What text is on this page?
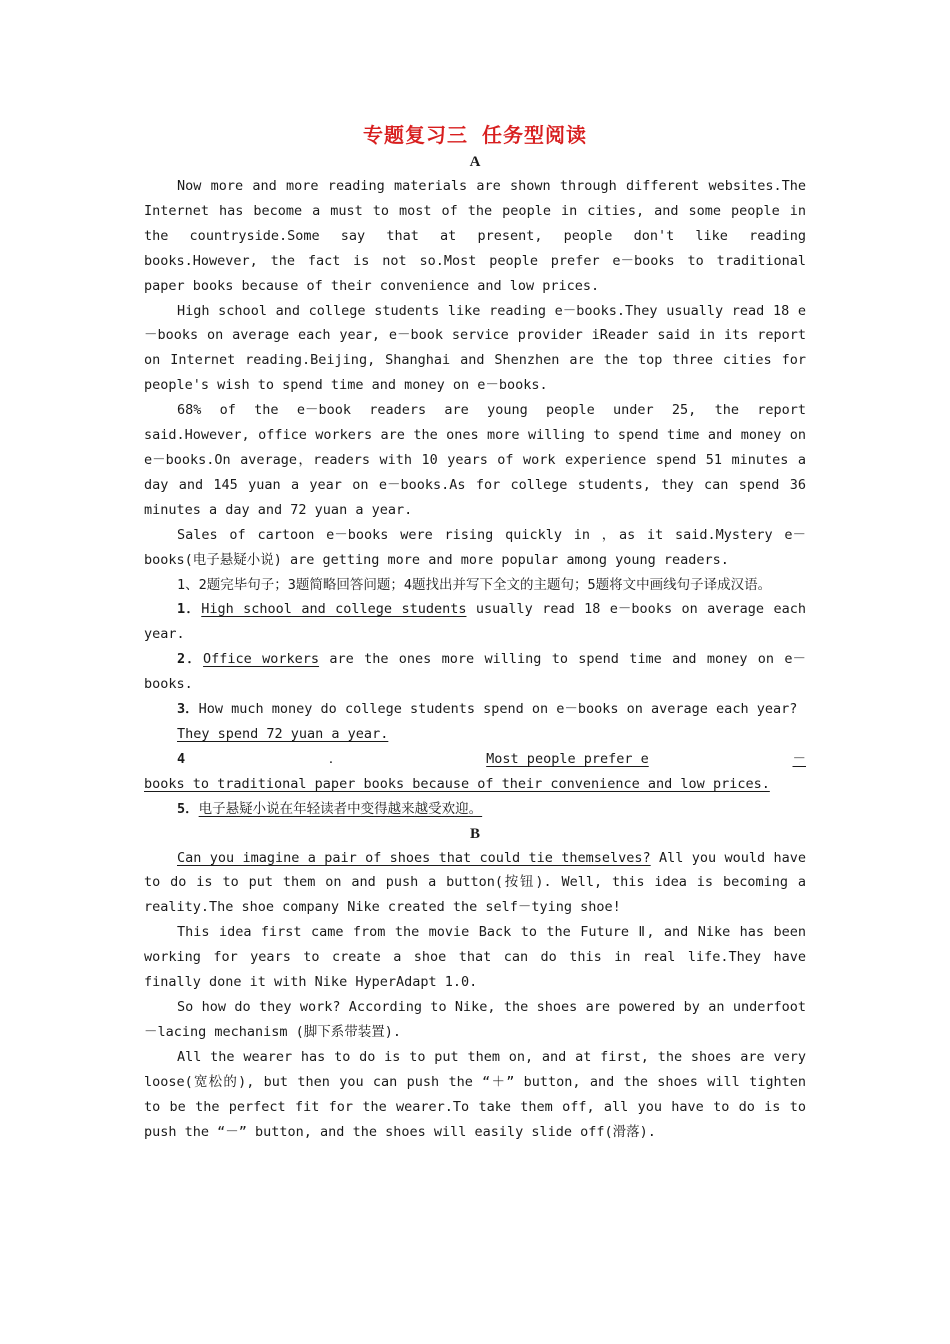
专题复习三 任务型阅读
A

Now more and more reading materials are shown through different websites.The Internet has become a must to most of the people in cities, and some people in the countryside.Some say that at present, people don't like reading books.However, the fact is not so.Most people prefer e－books to traditional paper books because of their convenience and low prices.

High school and college students like reading e－books.They usually read 18 e－books on average each year, e－book service provider iReader said in its report on Internet reading.Beijing, Shanghai and Shenzhen are the top three cities for people's wish to spend time and money on e－books.

68% of the e－book readers are young people under 25, the report said.However, office workers are the ones more willing to spend time and money on e－books.On average，readers with 10 years of work experience spend 51 minutes a day and 145 yuan a year on e－books.As for college students, they can spend 36 minutes a day and 72 yuan a year.

Sales of cartoon e－books were rising quickly in ，as it said.Mystery e－books(电子悬疑小说) are getting more and more popular among young readers.

1、2题完毕句子；3题简略回答问题；4题找出并写下全文的主题句；5题将文中画线句子译成汉语。

1．High school and college students usually read 18 e－books on average each year.

2．Office workers are the ones more willing to spend time and money on e－books.

3．How much money do college students spend on e－books on average each year?

They spend 72 yuan a year.

4	．	Most people prefer e	－

books to traditional paper books because of their convenience and low prices.

5．电子悬疑小说在年轻读者中变得越来越受欢迎。

B

Can you imagine a pair of shoes that could tie themselves? All you would have to do is to put them on and push a button(按钮). Well, this idea is becoming a reality.The shoe company Nike created the self－tying shoe!

This idea first came from the movie Back to the Future Ⅱ, and Nike has been working for years to create a shoe that can do this in real life.They have finally done it with Nike HyperAdapt 1.0.

So how do they work? According to Nike, the shoes are powered by an underfoot－lacing mechanism (脚下系带装置).

All the wearer has to do is to put them on, and at first, the shoes are very loose(宽松的), but then you can push the “＋” button, and the shoes will tighten to be the perfect fit for the wearer.To take them off, all you have to do is to push the “－” button, and the shoes will easily slide off(滑落).
